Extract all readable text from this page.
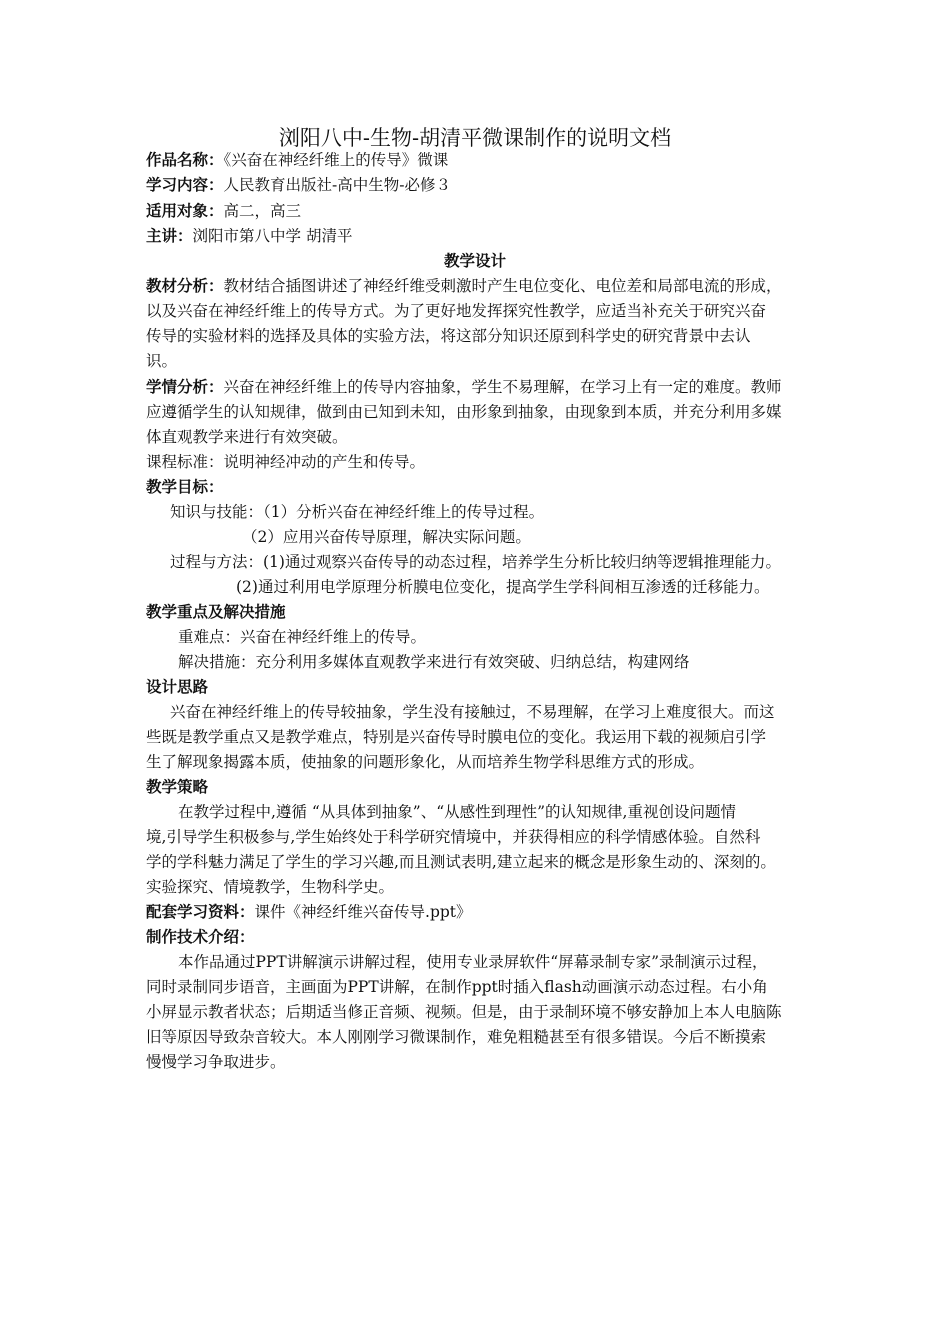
浏阳八中-生物-胡清平微课制作的说明文档
作品名称：《兴奋在神经纤维上的传导》微课
学习内容：人民教育出版社-高中生物-必修３
适用对象：高二，高三
主讲：浏阳市第八中学 胡清平
教学设计
教材分析：教材结合插图讲述了神经纤维受刺激时产生电位变化、电位差和局部电流的形成，
以及兴奋在神经纤维上的传导方式。为了更好地发挥探究性教学，应适当补充关于研究兴奋
传导的实验材料的选择及具体的实验方法，将这部分知识还原到科学史的研究背景中去认
识。
学情分析：兴奋在神经纤维上的传导内容抽象，学生不易理解，在学习上有一定的难度。教师
应遵循学生的认知规律，做到由已知到未知，由形象到抽象，由现象到本质，并充分利用多媒
体直观教学来进行有效突破。
课程标准：说明神经冲动的产生和传导。
教学目标：
知识与技能：（1）分析兴奋在神经纤维上的传导过程。
（2）应用兴奋传导原理，解决实际问题。
过程与方法：(1)通过观察兴奋传导的动态过程，培养学生分析比较归纳等逻辑推理能力。
(2)通过利用电学原理分析膜电位变化，提高学生学科间相互渗透的迁移能力。
教学重点及解决措施
重难点：兴奋在神经纤维上的传导。
解决措施：充分利用多媒体直观教学来进行有效突破、归纳总结，构建网络
设计思路
兴奋在神经纤维上的传导较抽象，学生没有接触过，不易理解，在学习上难度很大。而这
些既是教学重点又是教学难点，特别是兴奋传导时膜电位的变化。我运用下载的视频启引学
生了解现象揭露本质，使抽象的问题形象化，从而培养生物学科思维方式的形成。
教学策略
在教学过程中,遵循 “从具体到抽象”、“从感性到理性”的认知规律,重视创设问题情
境,引导学生积极参与,学生始终处于科学研究情境中，并获得相应的科学情感体验。自然科
学的学科魅力满足了学生的学习兴趣,而且测试表明,建立起来的概念是形象生动的、深刻的。
实验探究、情境教学，生物科学史。
配套学习资料：课件《神经纤维兴奋传导.ppt》
制作技术介绍：
本作品通过PPT讲解演示讲解过程，使用专业录屏软件“屏幕录制专家”录制演示过程，
同时录制同步语音，主画面为PPT讲解，在制作ppt时插入flash动画演示动态过程。右小角
小屏显示教者状态；后期适当修正音频、视频。但是，由于录制环境不够安静加上本人电脑陈
旧等原因导致杂音较大。本人刚刚学习微课制作，难免粗糙甚至有很多错误。今后不断摸索
慢慢学习争取进步。
